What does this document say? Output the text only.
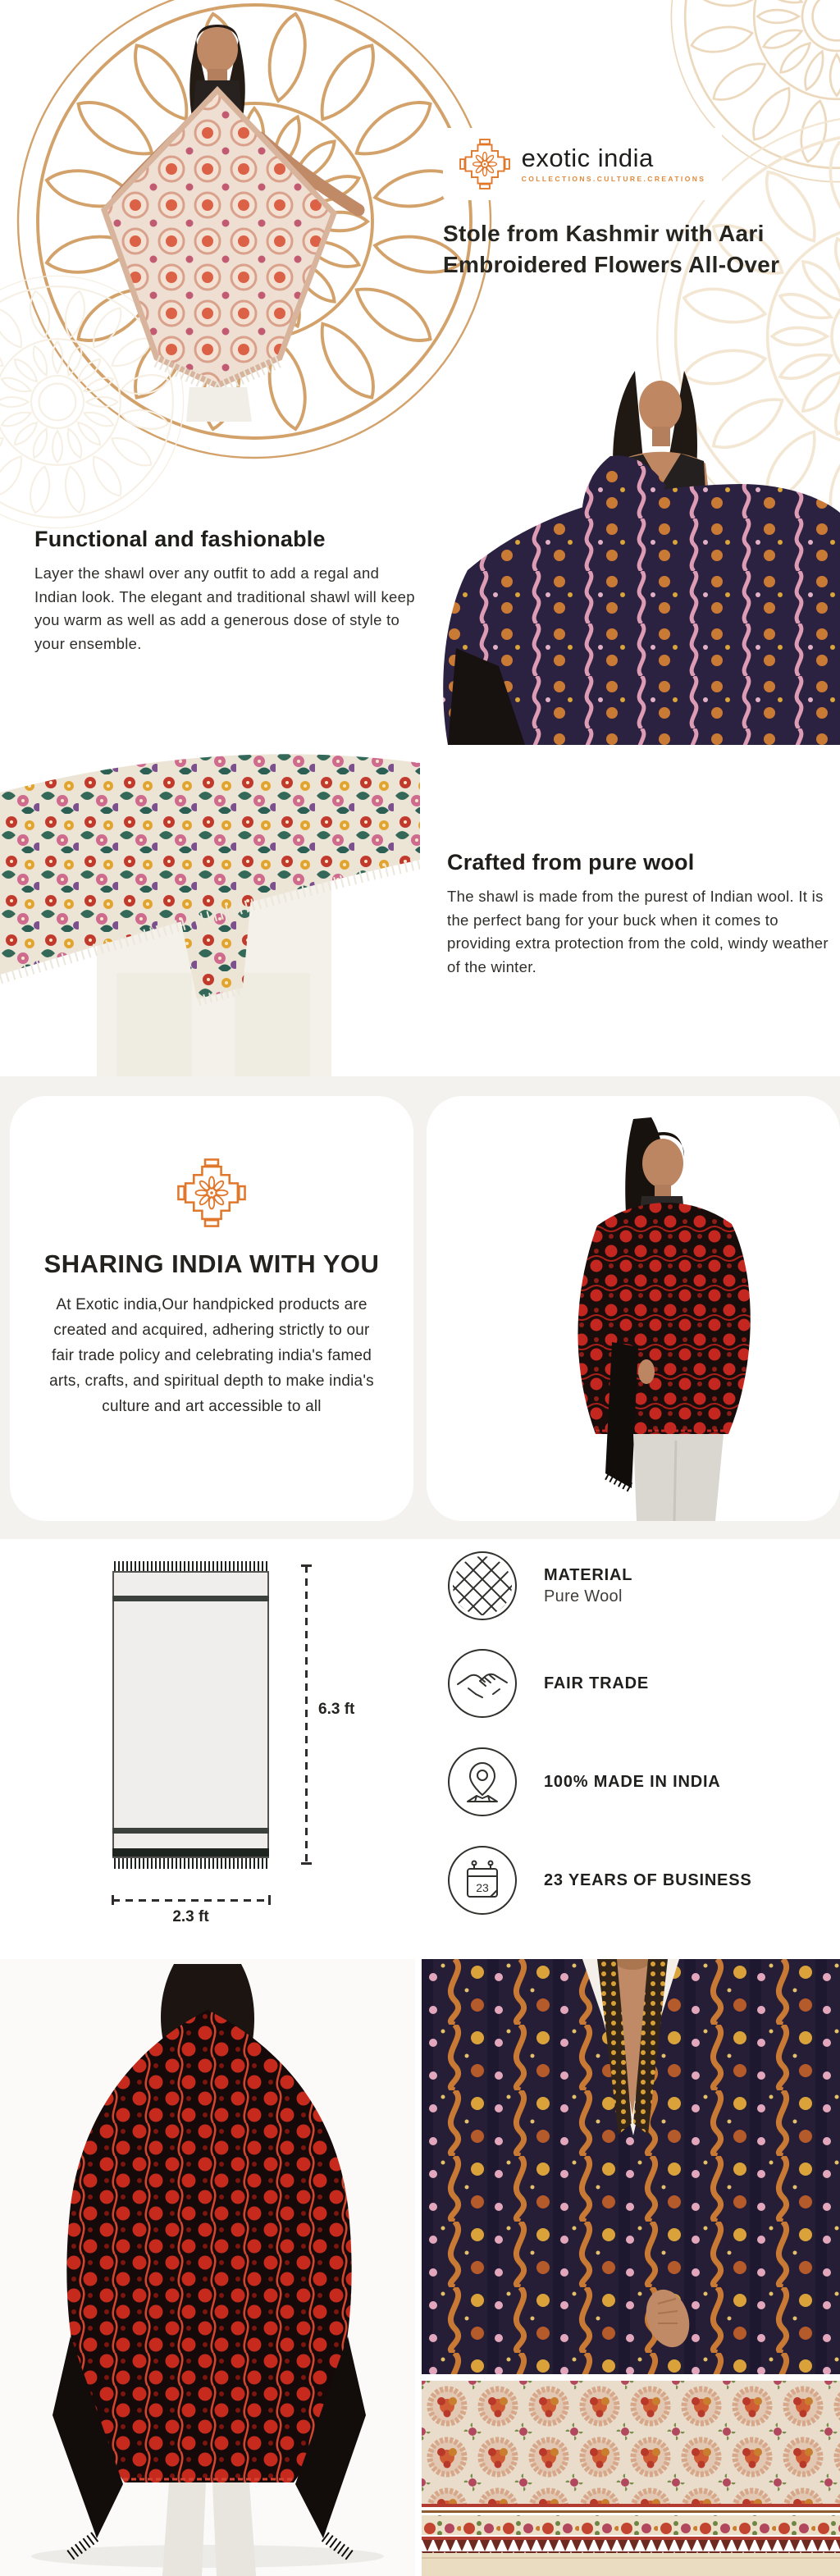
exotic india
COLLECTIONS.CULTURE.CREATIONS
Stole from Kashmir with Aari Embroidered Flowers All-Over
Functional and fashionable

Layer the shawl over any outfit to add a regal and Indian look. The elegant and traditional shawl will keep you warm as well as add a generous dose of style to your ensemble.

Crafted from pure wool

The shawl is made from the purest of Indian wool. It is the perfect bang for your buck when it comes to providing extra protection from the cold, windy weather of the winter.

SHARING INDIA WITH YOU

At Exotic india,Our handpicked products are created and acquired, adhering strictly to our fair trade policy and celebrating india's famed arts, crafts, and spiritual depth to make india's culture and art accessible to all

6.3 ft
2.3 ft
MATERIAL
Pure Wool
FAIR TRADE
100% MADE IN INDIA
23	23 YEARS OF BUSINESS
